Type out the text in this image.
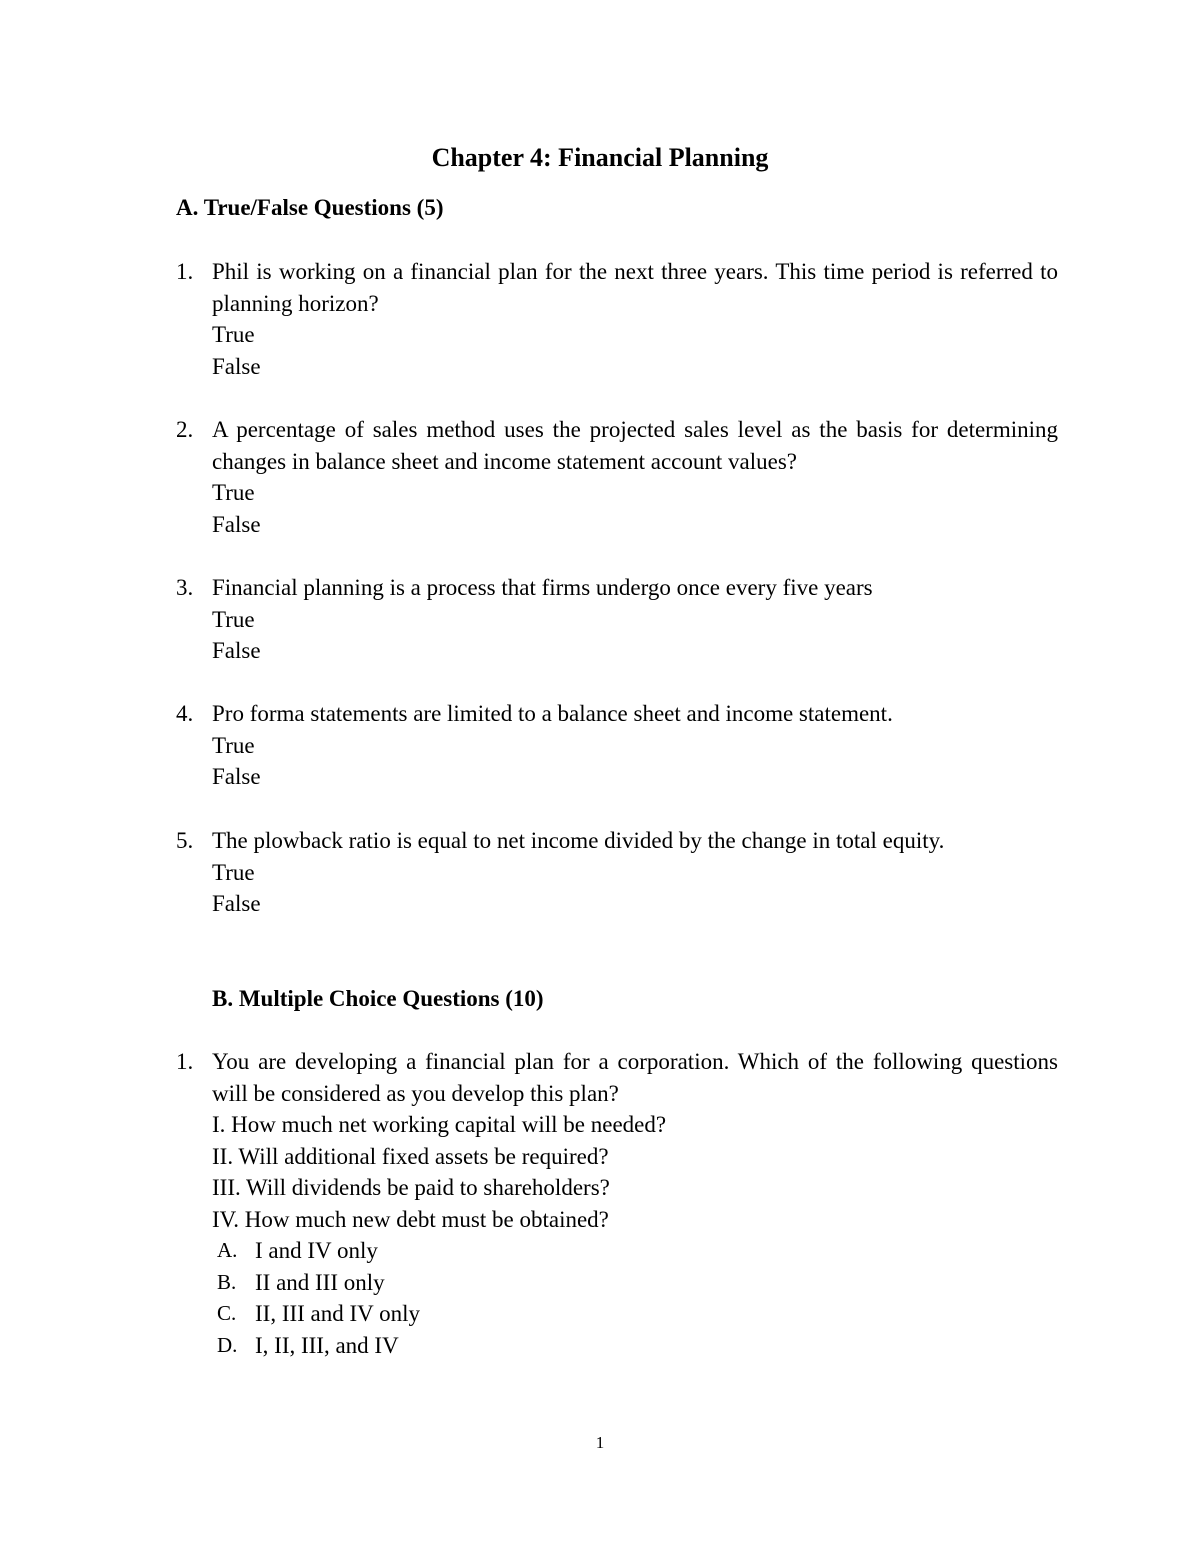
Chapter 4: Financial Planning
A. True/False Questions (5)
1. Phil is working on a financial plan for the next three years. This time period is referred to planning horizon?
True
False
2. A percentage of sales method uses the projected sales level as the basis for determining changes in balance sheet and income statement account values?
True
False
3. Financial planning is a process that firms undergo once every five years
True
False
4. Pro forma statements are limited to a balance sheet and income statement.
True
False
5. The plowback ratio is equal to net income divided by the change in total equity.
True
False
B. Multiple Choice Questions (10)
1. You are developing a financial plan for a corporation. Which of the following questions will be considered as you develop this plan?
I. How much net working capital will be needed?
II. Will additional fixed assets be required?
III. Will dividends be paid to shareholders?
IV. How much new debt must be obtained?
A. I and IV only
B. II and III only
C. II, III and IV only
D. I, II, III, and IV
1
